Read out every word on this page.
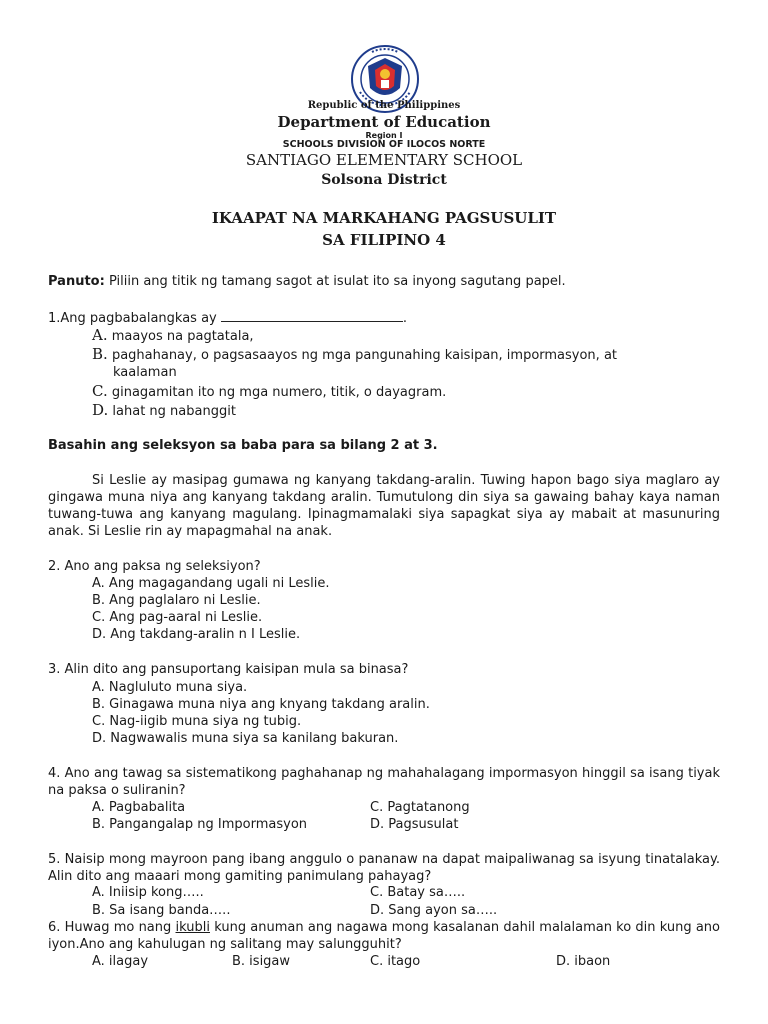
Republic of the Philippines
Department of Education
Region I
SCHOOLS DIVISION OF ILOCOS NORTE
SANTIAGO ELEMENTARY SCHOOL
Solsona District
IKAAPAT NA MARKAHANG PAGSUSULIT
SA FILIPINO 4
Panuto: Piliin ang titik ng tamang sagot at isulat ito sa inyong sagutang papel.
1.Ang pagbabalangkas ay	.
A. maayos na pagtatala,
B. paghahanay, o pagsasaayos ng mga pangunahing kaisipan, impormasyon, at
kaalaman
C. ginagamitan ito ng mga numero, titik, o dayagram.
D. lahat ng nabanggit
Basahin ang seleksyon sa baba para sa bilang 2 at 3.
Si Leslie ay masipag gumawa ng kanyang takdang-aralin. Tuwing hapon bago siya maglaro ay gingawa muna niya ang kanyang takdang aralin. Tumutulong din siya sa gawaing bahay kaya naman tuwang-tuwa ang kanyang magulang. Ipinagmamalaki siya sapagkat siya ay mabait at masunuring anak. Si Leslie rin ay mapagmahal na anak.
2. Ano ang paksa ng seleksiyon?
A. Ang magagandang ugali ni Leslie.
B. Ang paglalaro ni Leslie.
C. Ang pag-aaral ni Leslie.
D. Ang takdang-aralin n I Leslie.
3. Alin dito ang pansuportang kaisipan mula sa binasa?
A. Nagluluto muna siya.
B. Ginagawa muna niya ang knyang takdang aralin.
C. Nag-iigib muna siya ng tubig.
D. Nagwawalis muna siya sa kanilang bakuran.
4. Ano ang tawag sa sistematikong paghahanap ng mahahalagang impormasyon hinggil sa isang tiyak na paksa o suliranin?
A. Pagbabalita	C. Pagtatanong
B. Pangangalap ng Impormasyon	D. Pagsusulat
5. Naisip mong mayroon pang ibang anggulo o pananaw na dapat maipaliwanag sa isyung tinatalakay. Alin dito ang maaari mong gamiting panimulang pahayag?
A. Iniisip kong…..	C. Batay sa…..
B. Sa isang banda…..	D. Sang ayon sa…..
6. Huwag mo nang ikubli kung anuman ang nagawa mong kasalanan dahil malalaman ko din kung ano iyon.Ano ang kahulugan ng salitang may salungguhit?
A. ilagay	B. isigaw	C. itago	D. ibaon
